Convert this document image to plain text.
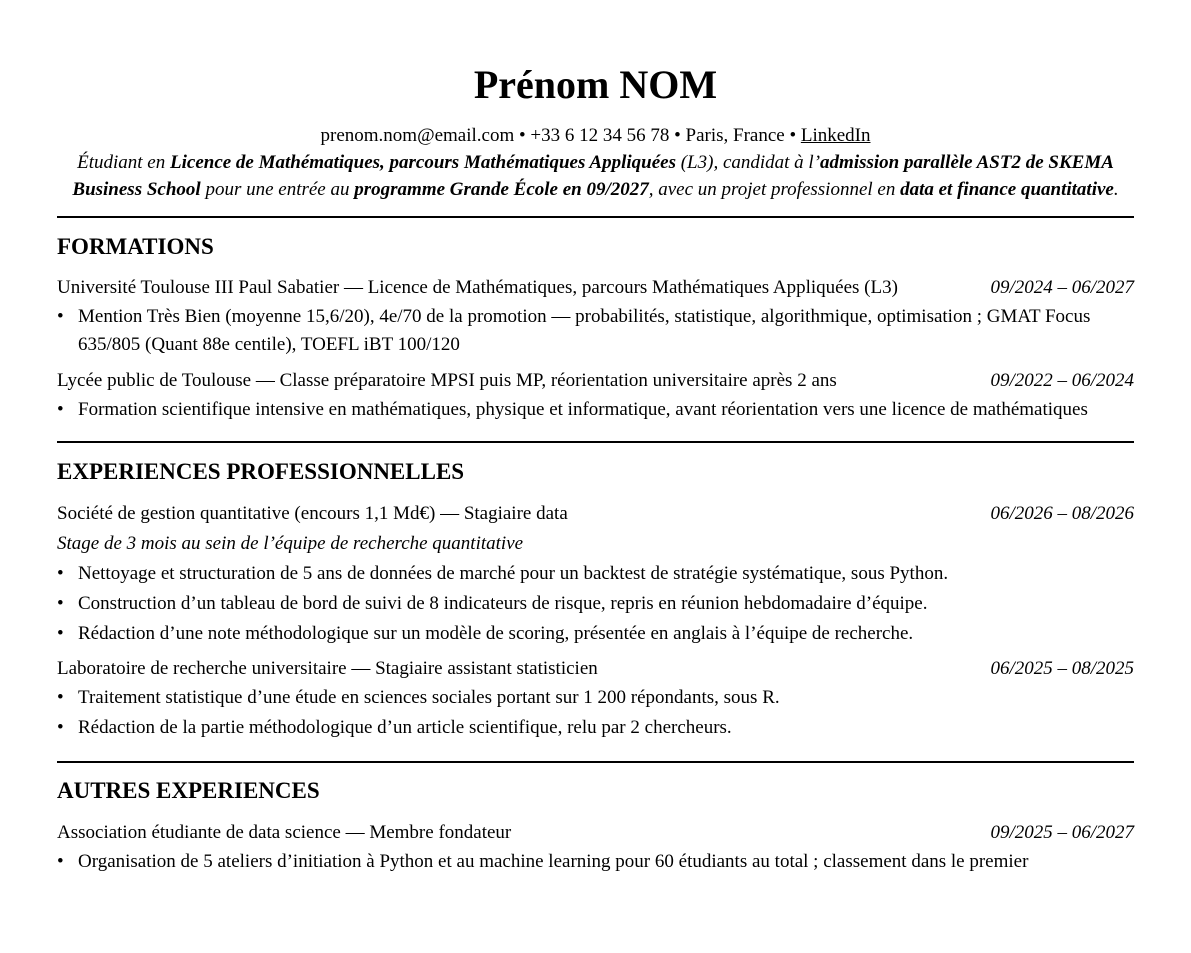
Prénom NOM
prenom.nom@email.com • +33 6 12 34 56 78 • Paris, France • LinkedIn
Étudiant en Licence de Mathématiques, parcours Mathématiques Appliquées (L3), candidat à l’admission parallèle AST2 de SKEMA Business School pour une entrée au programme Grande École en 09/2027, avec un projet professionnel en data et finance quantitative.
FORMATIONS
Université Toulouse III Paul Sabatier — Licence de Mathématiques, parcours Mathématiques Appliquées (L3)	09/2024 – 06/2027
• Mention Très Bien (moyenne 15,6/20), 4e/70 de la promotion — probabilités, statistique, algorithmique, optimisation ; GMAT Focus 635/805 (Quant 88e centile), TOEFL iBT 100/120
Lycée public de Toulouse — Classe préparatoire MPSI puis MP, réorientation universitaire après 2 ans	09/2022 – 06/2024
• Formation scientifique intensive en mathématiques, physique et informatique, avant réorientation vers une licence de mathématiques
EXPERIENCES PROFESSIONNELLES
Société de gestion quantitative (encours 1,1 Md€) — Stagiaire data	06/2026 – 08/2026
Stage de 3 mois au sein de l’équipe de recherche quantitative
• Nettoyage et structuration de 5 ans de données de marché pour un backtest de stratégie systématique, sous Python.
• Construction d’un tableau de bord de suivi de 8 indicateurs de risque, repris en réunion hebdomadaire d’équipe.
• Rédaction d’une note méthodologique sur un modèle de scoring, présentée en anglais à l’équipe de recherche.
Laboratoire de recherche universitaire — Stagiaire assistant statisticien	06/2025 – 08/2025
• Traitement statistique d’une étude en sciences sociales portant sur 1 200 répondants, sous R.
• Rédaction de la partie méthodologique d’un article scientifique, relu par 2 chercheurs.
AUTRES EXPERIENCES
Association étudiante de data science — Membre fondateur	09/2025 – 06/2027
• Organisation de 5 ateliers d’initiation à Python et au machine learning pour 60 étudiants au total ; classement dans le premier
